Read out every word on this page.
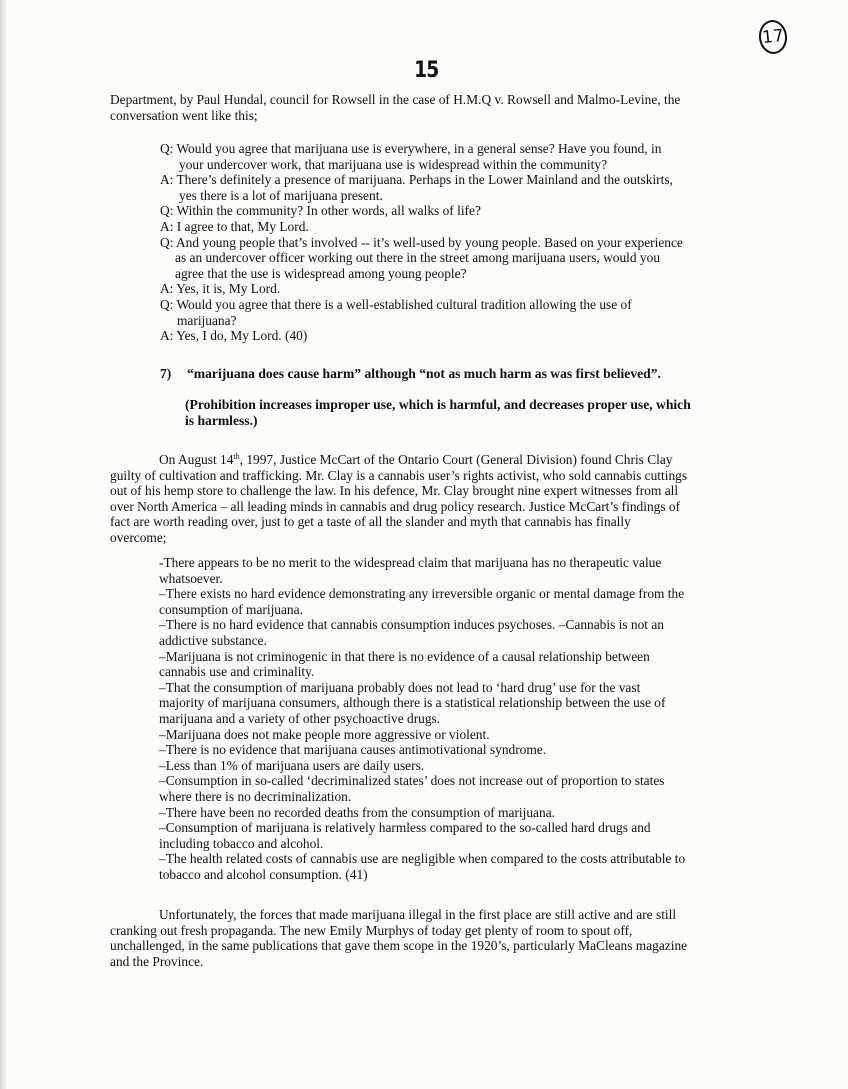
17
15
Department, by Paul Hundal, council for Rowsell in the case of H.M.Q v. Rowsell and Malmo-Levine, the
conversation went like this;
Q: Would you agree that marijuana use is everywhere, in a general sense? Have you found, in
your undercover work, that marijuana use is widespread within the community?
A: There’s definitely a presence of marijuana. Perhaps in the Lower Mainland and the outskirts,
yes there is a lot of marijuana present.
Q: Within the community? In other words, all walks of life?
A: I agree to that, My Lord.
Q: And young people that’s involved -- it’s well-used by young people. Based on your experience
as an undercover officer working out there in the street among marijuana users, would you
agree that the use is widespread among young people?
A: Yes, it is, My Lord.
Q: Would you agree that there is a well-established cultural tradition allowing the use of
marijuana?
A: Yes, I do, My Lord. (40)
7) “marijuana does cause harm” although “not as much harm as was first believed”.
(Prohibition increases improper use, which is harmful, and decreases proper use, which
is harmless.)
On August 14th, 1997, Justice McCart of the Ontario Court (General Division) found Chris Clay
guilty of cultivation and trafficking. Mr. Clay is a cannabis user’s rights activist, who sold cannabis cuttings
out of his hemp store to challenge the law. In his defence, Mr. Clay brought nine expert witnesses from all
over North America – all leading minds in cannabis and drug policy research. Justice McCart’s findings of
fact are worth reading over, just to get a taste of all the slander and myth that cannabis has finally
overcome;
-There appears to be no merit to the widespread claim that marijuana has no therapeutic value
whatsoever.
–There exists no hard evidence demonstrating any irreversible organic or mental damage from the
consumption of marijuana.
–There is no hard evidence that cannabis consumption induces psychoses. –Cannabis is not an
addictive substance.
–Marijuana is not criminogenic in that there is no evidence of a causal relationship between
cannabis use and criminality.
–That the consumption of marijuana probably does not lead to ‘hard drug’ use for the vast
majority of marijuana consumers, although there is a statistical relationship between the use of
marijuana and a variety of other psychoactive drugs.
–Marijuana does not make people more aggressive or violent.
–There is no evidence that marijuana causes antimotivational syndrome.
–Less than 1% of marijuana users are daily users.
–Consumption in so-called ‘decriminalized states’ does not increase out of proportion to states
where there is no decriminalization.
–There have been no recorded deaths from the consumption of marijuana.
–Consumption of marijuana is relatively harmless compared to the so-called hard drugs and
including tobacco and alcohol.
–The health related costs of cannabis use are negligible when compared to the costs attributable to
tobacco and alcohol consumption. (41)
Unfortunately, the forces that made marijuana illegal in the first place are still active and are still
cranking out fresh propaganda. The new Emily Murphys of today get plenty of room to spout off,
unchallenged, in the same publications that gave them scope in the 1920’s, particularly MaCleans magazine
and the Province.
